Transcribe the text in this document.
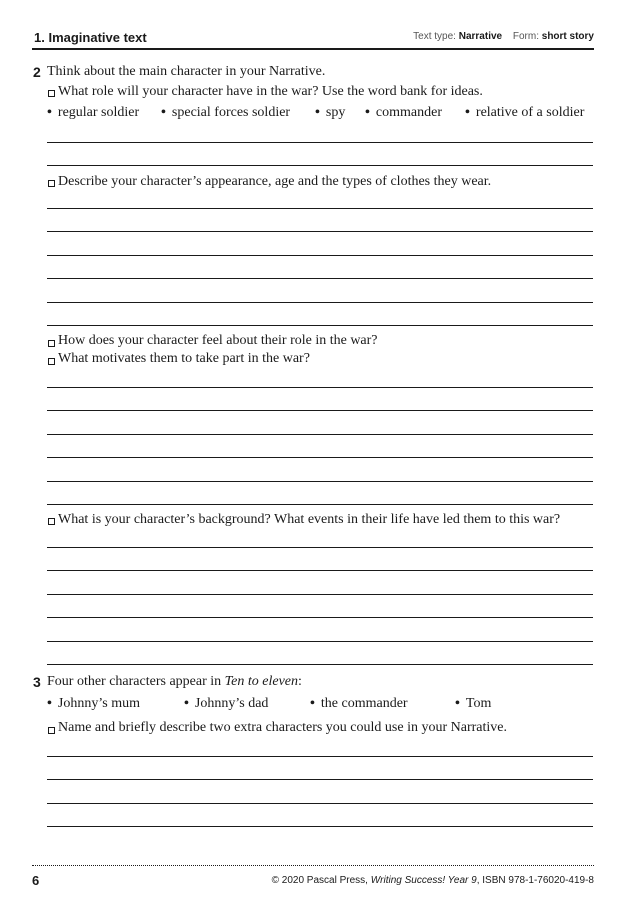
1. Imaginative text	Text type: Narrative Form: short story
2 Think about the main character in your Narrative.
What role will your character have in the war? Use the word bank for ideas.
• regular soldier • special forces soldier • spy • commander • relative of a soldier
Describe your character’s appearance, age and the types of clothes they wear.
How does your character feel about their role in the war?
What motivates them to take part in the war?
What is your character’s background? What events in their life have led them to this war?
3 Four other characters appear in Ten to eleven:
• Johnny’s mum	• Johnny’s dad	• the commander	• Tom
Name and briefly describe two extra characters you could use in your Narrative.
6	© 2020 Pascal Press, Writing Success! Year 9, ISBN 978-1-76020-419-8
